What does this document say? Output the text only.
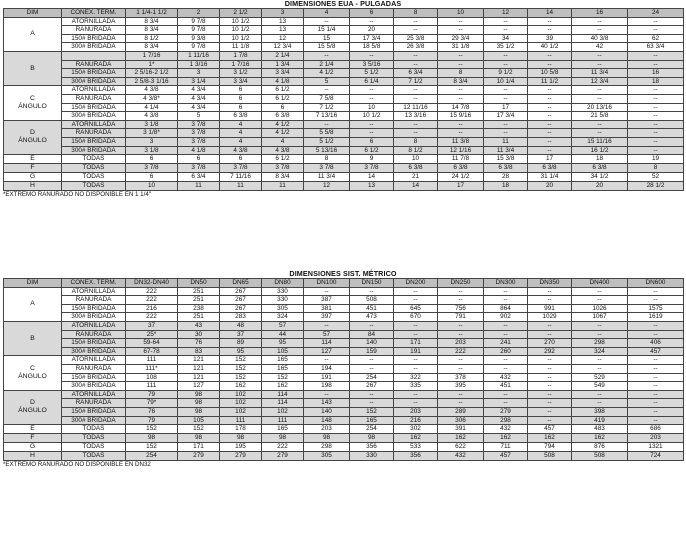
DIMENSIONES EUA - PULGADAS
DIM	CONEX. TERM.	1 1/4-1 1/2	2	2 1/2	3	4	6	8	10	12	14	16	24	

A	ATORNILLADA	8 3/4	9 7/8	10 1/2	13	--	--	--	--	--	--	--	--	
	RANURADA	8 3/4	9 7/8	10 1/2	13	15 1/4	20	--	--	--	--	--	--	
	150# BRIDADA	8 1/2	9 3/8	10 1/2	12	15	17 3/4	25 3/8	29 3/4	34	39	40 3/8	62	
	300# BRIDADA	8 3/4	9 7/8	11 1/8	12 3/4	15 5/8	18 5/8	26 3/8	31 1/8	35 1/2	40 1/2	42	63 3/4	

B		1 7/16	1 11/16	1 7/8	2 1/4	--	--	--	--	--	--	--	--	
	RANURADA	1*	1 3/16	1 7/16	1 3/4	2 1/4	3 5/16	--	--	--	--	--	--	
	150# BRIDADA	2 5/16-2 1/2	3	3 1/2	3 3/4	4 1/2	5 1/2	6 3/4	8	9 1/2	10 5/8	11 3/4	16	
	300# BRIDADA	2 5/8-3 1/16	3 1/4	3 3/4	4 1/8	5	6 1/4	7 1/2	8 3/4	10 1/4	11 1/2	12 3/4	18	

C
ÁNGULO	ATORNILLADA	4 3/8	4 3/4	6	6 1/2	--	--	--	--	--	--	--	--	
	RANURADA	4 3/8*	4 3/4	6	6 1/2	7 5/8	--	--	--	--	--	--	--	
	150# BRIDADA	4 1/4	4 3/4	6	6	7 1/2	10	12 11/16	14 7/8	17	--	20 13/16	--	
	300# BRIDADA	4 3/8	5	6 3/8	6 3/8	7 13/16	10 1/2	13 3/16	15 9/16	17 3/4	--	21 5/8	--	

D
ÁNGULO	ATORNILLADA	3 1/8	3 7/8	4	4 1/2	--	--	--	--	--	--	--	--	
	RANURADA	3 1/8*	3 7/8	4	4 1/2	5 5/8	--	--	--	--	--	--	--	
	150# BRIDADA	3	3 7/8	4	4	5 1/2	6	8	11 3/8	11	--	15 11/16	--	
	300# BRIDADA	3 1/8	4 1/8	4 3/8	4 3/8	5 13/16	6 1/2	8 1/2	12 1/16	11 3/4	--	16 1/2	--	

E	TODAS	6	6	6	6 1/2	8	9	10	11 7/8	15 3/8	17	18	19	

F	TODAS	3 7/8	3 7/8	3 7/8	3 7/8	3 7/8	3 7/8	6 3/8	6 3/8	6 3/8	6 3/8	6 3/8	8	

G	TODAS	6	6 3/4	7 11/16	8 3/4	11 3/4	14	21	24 1/2	28	31 1/4	34 1/2	52	

H	TODAS	10	11	11	11	12	13	14	17	18	20	20	28 1/2	
*EXTREMO RANURADO NO DISPONIBLE EN 1 1/4"
DIMENSIONES SIST. MÉTRICO
DIM	CONEX. TERM.	DN32-DN40	DN50	DN65	DN80	DN100	DN150	DN200	DN250	DN300	DN350	DN400	DN600

A	ATORNILLADA	222	251	267	330	--	--	--	--	--	--	--	--
	RANURADA	222	251	267	330	387	508	--	--	--	--	--	--
	150# BRIDADA	216	238	267	305	381	451	645	756	864	991	1026	1575
	300# BRIDADA	222	251	283	324	397	473	670	791	902	1029	1067	1619

B	ATORNILLADA	37	43	48	57	--	--	--	--	--	--	--	--
	RANURADA	25*	30	37	44	57	84	--	--	--	--	--	--
	150# BRIDADA	59-64	76	89	95	114	140	171	203	241	270	298	406
	300# BRIDADA	67-78	83	95	105	127	159	191	222	260	292	324	457

C
ÁNGULO	ATORNILLADA	111	121	152	165	--	--	--	--	--	--	--	--
	RANURADA	111*	121	152	165	194	--	--	--	--	--	--	--
	150# BRIDADA	108	121	152	152	191	254	322	378	432	--	529	--
	300# BRIDADA	111	127	162	162	198	267	335	395	451	--	549	--

D
ÁNGULO	ATORNILLADA	79	98	102	114	--	--	--	--	--	--	--	--
	RANURADA	79*	98	102	114	143	--	--	--	--	--	--	--
	150# BRIDADA	76	98	102	102	140	152	203	289	279	--	398	--
	300# BRIDADA	79	105	111	111	148	165	216	306	298	--	419	--

E	TODAS	152	152	178	165	203	254	302	391	432	457	483	686

F	TODAS	98	98	98	98	98	98	162	162	162	162	162	203

G	TODAS	152	171	195	222	298	356	533	622	711	794	876	1321

H	TODAS	254	279	279	279	305	330	356	432	457	508	508	724
*EXTREMO RANURADO NO DISPONIBLE EN DN32
